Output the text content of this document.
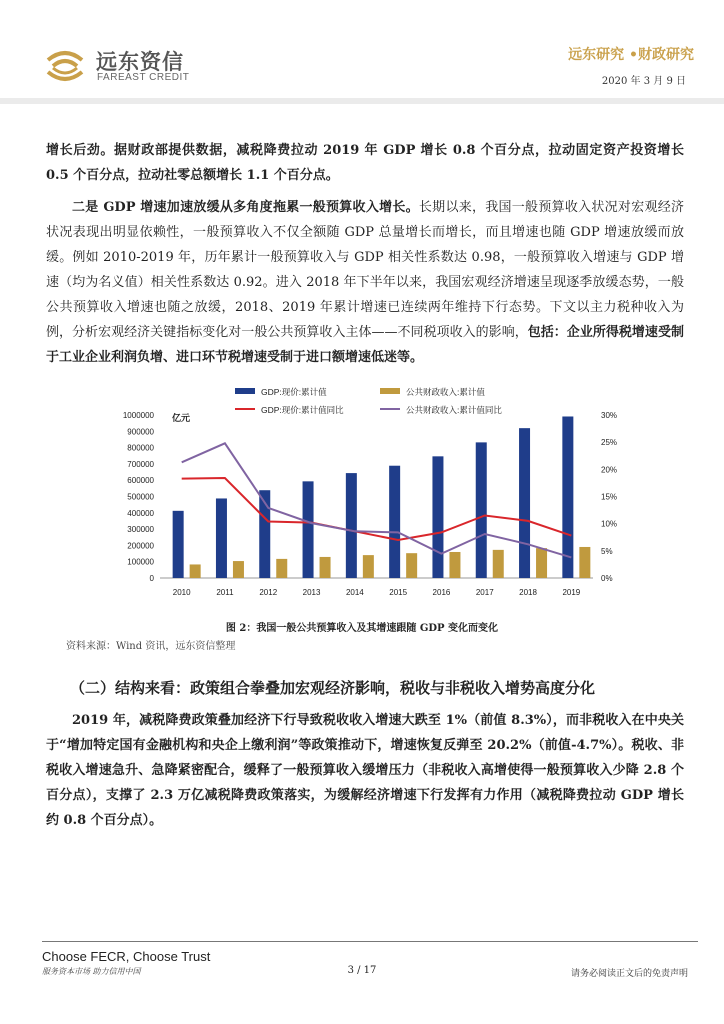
远东资信
FAREAST CREDIT
远东研究 •财政研究
2020 年 3 月 9 日
增长后劲。据财政部提供数据，减税降费拉动 2019 年 GDP 增长 0.8 个百分点，拉动固定资产投资增长 0.5 个百分点，拉动社零总额增长 1.1 个百分点。
二是 GDP 增速加速放缓从多角度拖累一般预算收入增长。长期以来，我国一般预算收入状况对宏观经济状况表现出明显依赖性，一般预算收入不仅全额随 GDP 总量增长而增长，而且增速也随 GDP 增速放缓而放缓。例如 2010-2019 年，历年累计一般预算收入与 GDP 相关性系数达 0.98，一般预算收入增速与 GDP 增速（均为名义值）相关性系数达 0.92。进入 2018 年下半年以来，我国宏观经济增速呈现逐季放缓态势，一般公共预算收入增速也随之放缓，2018、2019 年累计增速已连续两年维持下行态势。下文以主力税种收入为例，分析宏观经济关键指标变化对一般公共预算收入主体——不同税项收入的影响，包括：企业所得税增速受制于工业企业利润负增、进口环节税增速受制于进口额增速低迷等。
GDP:现价:累计值	公共财政收入:累计值
GDP:现价:累计值同比	公共财政收入:累计值同比
亿元
0
100000
200000
300000
400000
500000
600000
700000
800000
900000
1000000
0%
5%
10%
15%
20%
25%
30%
2010	2011	2012	2013	2014	2015	2016	2017	2018	2019
图 2：我国一般公共预算收入及其增速跟随 GDP 变化而变化
资料来源：Wind 资讯，远东资信整理
（二）结构来看：政策组合拳叠加宏观经济影响，税收与非税收入增势高度分化
2019 年，减税降费政策叠加经济下行导致税收收入增速大跌至 1%（前值 8.3%），而非税收入在中央关于“增加特定国有金融机构和央企上缴利润”等政策推动下，增速恢复反弹至 20.2%（前值-4.7%）。税收、非税收入增速急升、急降紧密配合，缓释了一般预算收入缓增压力（非税收入高增使得一般预算收入少降 2.8 个百分点），支撑了 2.3 万亿减税降费政策落实，为缓解经济增速下行发挥有力作用（减税降费拉动 GDP 增长约 0.8 个百分点）。
Choose FECR, Choose Trust
服务资本市场 助力信用中国	3 / 17	请务必阅读正文后的免责声明
